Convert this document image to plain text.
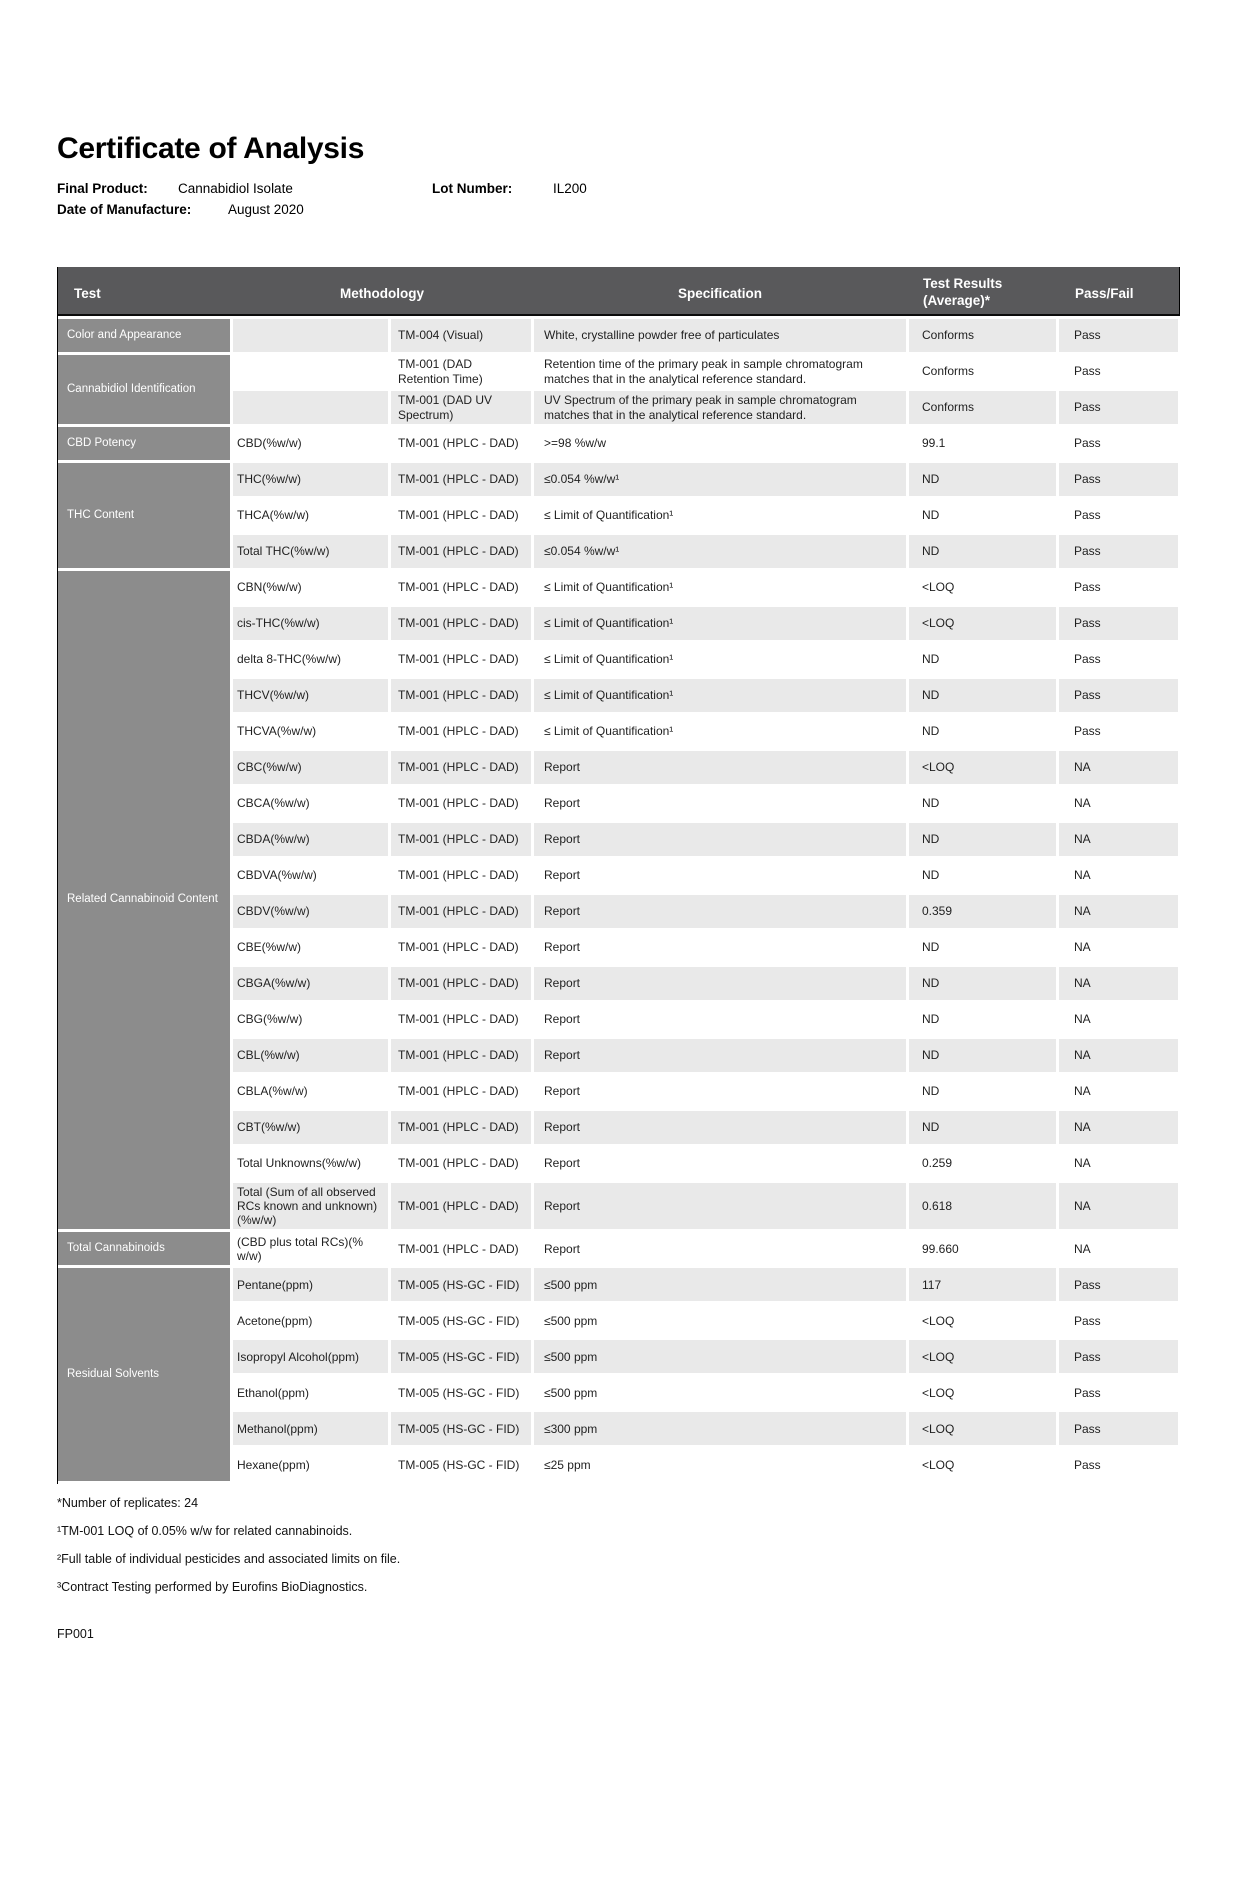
Certificate of Analysis
Final Product: Cannabidiol Isolate	Lot Number:	IL200
Date of Manufacture:	August 2020
Test	Methodology		Specification	Test Results (Average)*	Pass/Fail
Color and Appearance		TM-004 (Visual)	White, crystalline powder free of particulates	Conforms	Pass
Cannabidiol Identification		TM-001 (DAD Retention Time)	Retention time of the primary peak in sample chromatogram matches that in the analytical reference standard.	Conforms	Pass
		TM-001 (DAD UV Spectrum)	UV Spectrum of the primary peak in sample chromatogram matches that in the analytical reference standard.	Conforms	Pass
CBD Potency	CBD(%w/w)	TM-001 (HPLC - DAD)	>=98 %w/w	99.1	Pass
THC Content	THC(%w/w)	TM-001 (HPLC - DAD)	≤0.054 %w/w¹	ND	Pass
	THCA(%w/w)	TM-001 (HPLC - DAD)	≤ Limit of Quantification¹	ND	Pass
	Total THC(%w/w)	TM-001 (HPLC - DAD)	≤0.054 %w/w¹	ND	Pass
Related Cannabinoid Content	CBN(%w/w)	TM-001 (HPLC - DAD)	≤ Limit of Quantification¹	<LOQ	Pass
	cis-THC(%w/w)	TM-001 (HPLC - DAD)	≤ Limit of Quantification¹	<LOQ	Pass
	delta 8-THC(%w/w)	TM-001 (HPLC - DAD)	≤ Limit of Quantification¹	ND	Pass
	THCV(%w/w)	TM-001 (HPLC - DAD)	≤ Limit of Quantification¹	ND	Pass
	THCVA(%w/w)	TM-001 (HPLC - DAD)	≤ Limit of Quantification¹	ND	Pass
	CBC(%w/w)	TM-001 (HPLC - DAD)	Report	<LOQ	NA
	CBCA(%w/w)	TM-001 (HPLC - DAD)	Report	ND	NA
	CBDA(%w/w)	TM-001 (HPLC - DAD)	Report	ND	NA
	CBDVA(%w/w)	TM-001 (HPLC - DAD)	Report	ND	NA
	CBDV(%w/w)	TM-001 (HPLC - DAD)	Report	0.359	NA
	CBE(%w/w)	TM-001 (HPLC - DAD)	Report	ND	NA
	CBGA(%w/w)	TM-001 (HPLC - DAD)	Report	ND	NA
	CBG(%w/w)	TM-001 (HPLC - DAD)	Report	ND	NA
	CBL(%w/w)	TM-001 (HPLC - DAD)	Report	ND	NA
	CBLA(%w/w)	TM-001 (HPLC - DAD)	Report	ND	NA
	CBT(%w/w)	TM-001 (HPLC - DAD)	Report	ND	NA
	Total Unknowns(%w/w)	TM-001 (HPLC - DAD)	Report	0.259	NA
	Total (Sum of all observed RCs known and unknown) (%w/w)	TM-001 (HPLC - DAD)	Report	0.618	NA
Total Cannabinoids	(CBD plus total RCs)(% w/w)	TM-001 (HPLC - DAD)	Report	99.660	NA
Residual Solvents	Pentane(ppm)	TM-005 (HS-GC - FID)	≤500 ppm	117	Pass
	Acetone(ppm)	TM-005 (HS-GC - FID)	≤500 ppm	<LOQ	Pass
	Isopropyl Alcohol(ppm)	TM-005 (HS-GC - FID)	≤500 ppm	<LOQ	Pass
	Ethanol(ppm)	TM-005 (HS-GC - FID)	≤500 ppm	<LOQ	Pass
	Methanol(ppm)	TM-005 (HS-GC - FID)	≤300 ppm	<LOQ	Pass
	Hexane(ppm)	TM-005 (HS-GC - FID)	≤25 ppm	<LOQ	Pass
*Number of replicates: 24
¹TM-001 LOQ of 0.05% w/w for related cannabinoids.
²Full table of individual pesticides and associated limits on file.
³Contract Testing performed by Eurofins BioDiagnostics.
FP001
